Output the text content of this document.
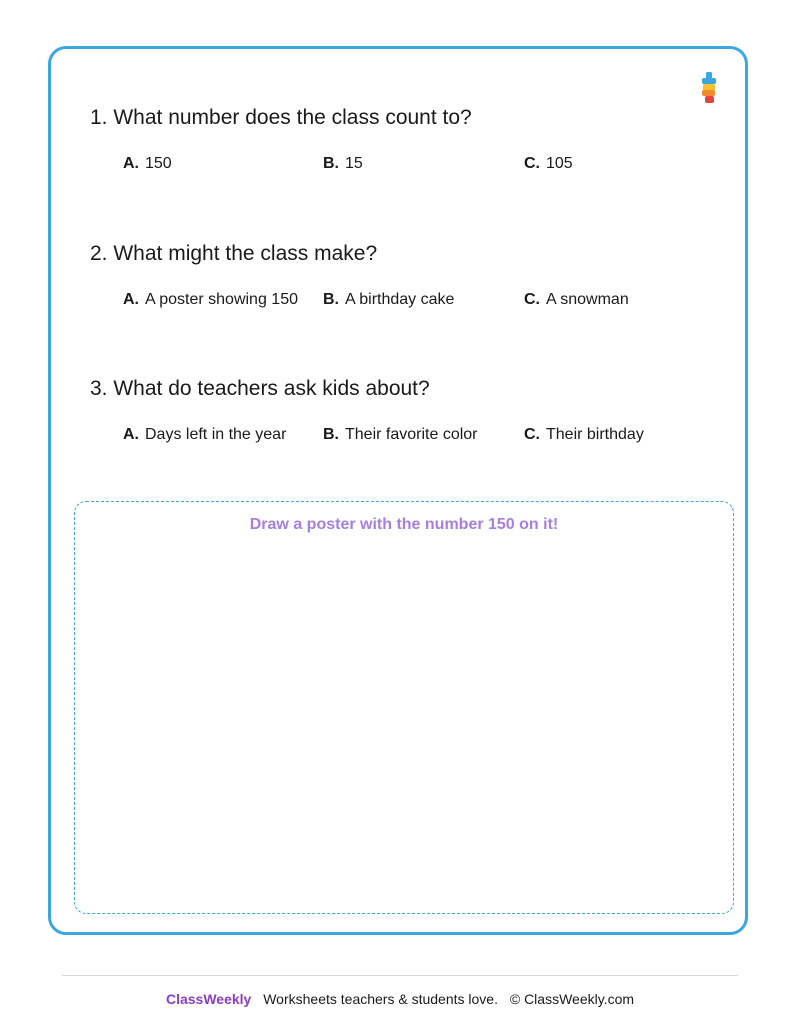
1. What number does the class count to?
A. 150	B. 15	C. 105
2. What might the class make?
A. A poster showing 150 B. A birthday cake	C. A snowman
3. What do teachers ask kids about?
A. Days left in the year	B. Their favorite color	C. Their birthday
Draw a poster with the number 150 on it!
ClassWeekly Worksheets teachers & students love. © ClassWeekly.com
